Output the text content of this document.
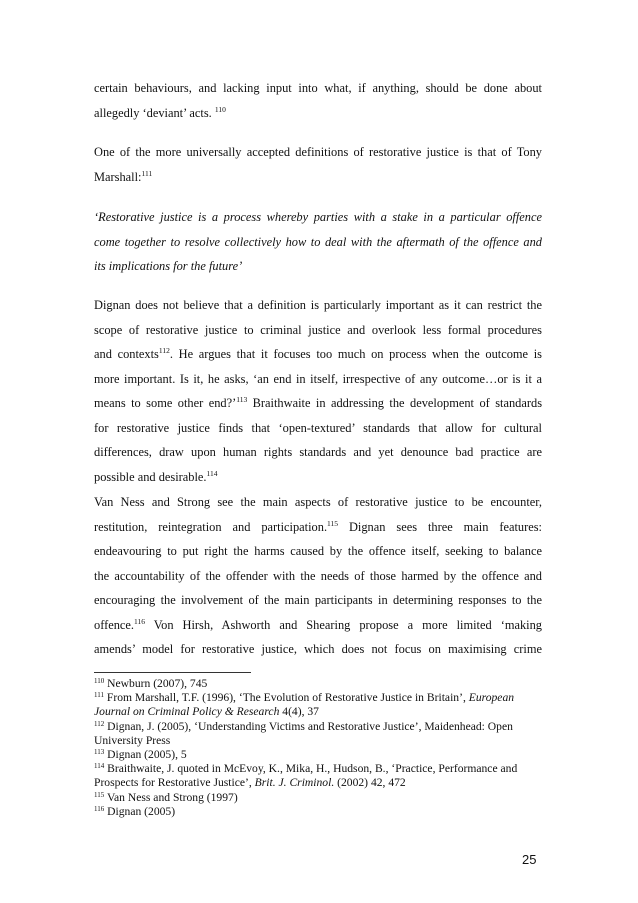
certain behaviours, and lacking input into what, if anything, should be done about
allegedly ‘deviant’ acts. $^{110}$
One of the more universally accepted definitions of restorative justice is that of Tony
Marshall:$^{111}$
‘Restorative justice is a process whereby parties with a stake in a particular offence
come together to resolve collectively how to deal with the aftermath of the offence and
its implications for the future’
Dignan does not believe that a definition is particularly important as it can restrict the
scope of restorative justice to criminal justice and overlook less formal procedures
and contexts$^{112}$. He argues that it focuses too much on process when the outcome is
more important. Is it, he asks, ‘an end in itself, irrespective of any outcome…or is it a
means to some other end?’$^{113}$ Braithwaite in addressing the development of standards
for restorative justice finds that ‘open-textured’ standards that allow for cultural
differences, draw upon human rights standards and yet denounce bad practice are
possible and desirable.$^{114}$
Van Ness and Strong see the main aspects of restorative justice to be encounter,
restitution, reintegration and participation.$^{115}$ Dignan sees three main features:
endeavouring to put right the harms caused by the offence itself, seeking to balance
the accountability of the offender with the needs of those harmed by the offence and
encouraging the involvement of the main participants in determining responses to the
offence.$^{116}$ Von Hirsh, Ashworth and Shearing propose a more limited ‘making
amends’ model for restorative justice, which does not focus on maximising crime
$^{110}$ Newburn (2007), 745
$^{111}$ From Marshall, T.F. (1996), ‘The Evolution of Restorative Justice in Britain’, European
Journal on Criminal Policy & Research 4(4), 37
$^{112}$ Dignan, J. (2005), ‘Understanding Victims and Restorative Justice’, Maidenhead: Open
University Press
$^{113}$ Dignan (2005), 5
$^{114}$ Braithwaite, J. quoted in McEvoy, K., Mika, H., Hudson, B., ‘Practice, Performance and
Prospects for Restorative Justice’, Brit. J. Criminol. (2002) 42, 472
$^{115}$ Van Ness and Strong (1997)
$^{116}$ Dignan (2005)
25
